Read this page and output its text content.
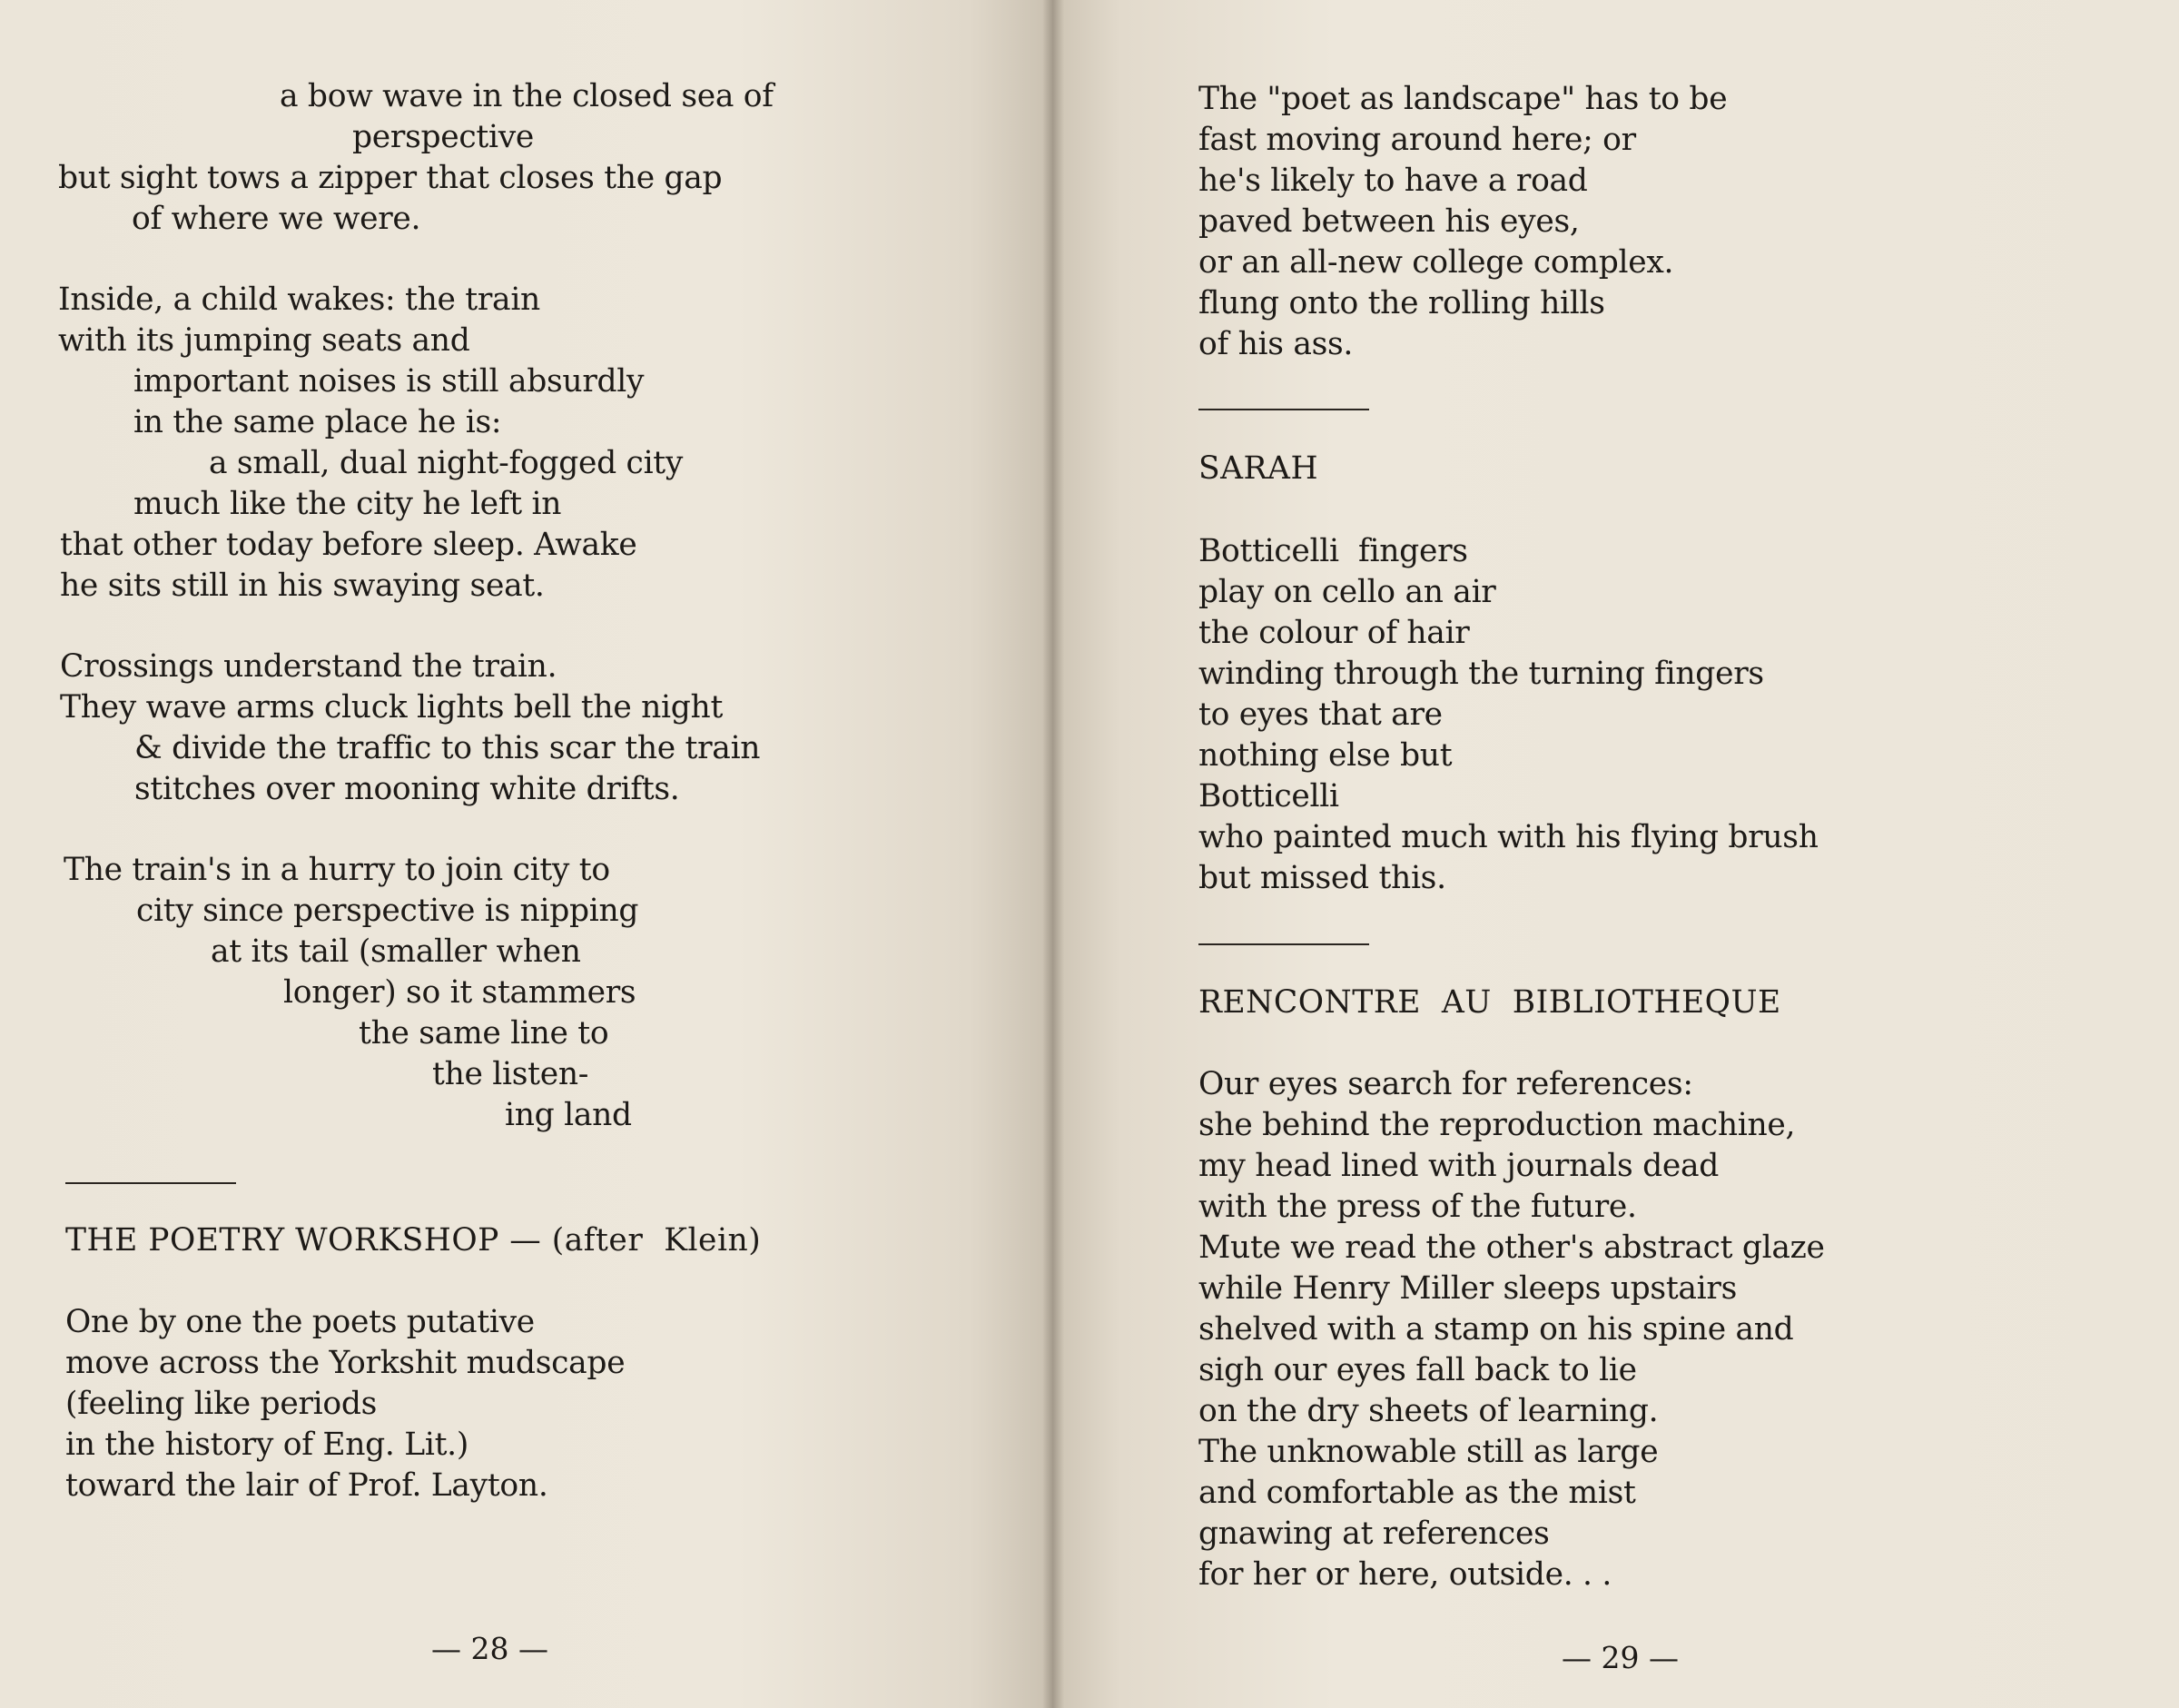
a bow wave in the closed sea of
perspective
but sight tows a zipper that closes the gap
of where we were.
Inside, a child wakes: the train
with its jumping seats and
important noises is still absurdly
in the same place he is:
a small, dual night-fogged city
much like the city he left in
that other today before sleep. Awake
he sits still in his swaying seat.
Crossings understand the train.
They wave arms cluck lights bell the night
& divide the traffic to this scar the train
stitches over mooning white drifts.
The train's in a hurry to join city to
city since perspective is nipping
at its tail (smaller when
longer) so it stammers
the same line to
the listen-
ing land
THE POETRY WORKSHOP — (after  Klein)
One by one the poets putative
move across the Yorkshit mudscape
(feeling like periods
in the history of Eng. Lit.)
toward the lair of Prof. Layton.
— 28 —
The "poet as landscape" has to be
fast moving around here; or
he's likely to have a road
paved between his eyes,
or an all-new college complex.
flung onto the rolling hills
of his ass.
SARAH
Botticelli  fingers
play on cello an air
the colour of hair
winding through the turning fingers
to eyes that are
nothing else but
Botticelli
who painted much with his flying brush
but missed this.
RENCONTRE  AU  BIBLIOTHEQUE
Our eyes search for references:
she behind the reproduction machine,
my head lined with journals dead
with the press of the future.
Mute we read the other's abstract glaze
while Henry Miller sleeps upstairs
shelved with a stamp on his spine and
sigh our eyes fall back to lie
on the dry sheets of learning.
The unknowable still as large
and comfortable as the mist
gnawing at references
for her or here, outside. . .
— 29 —
